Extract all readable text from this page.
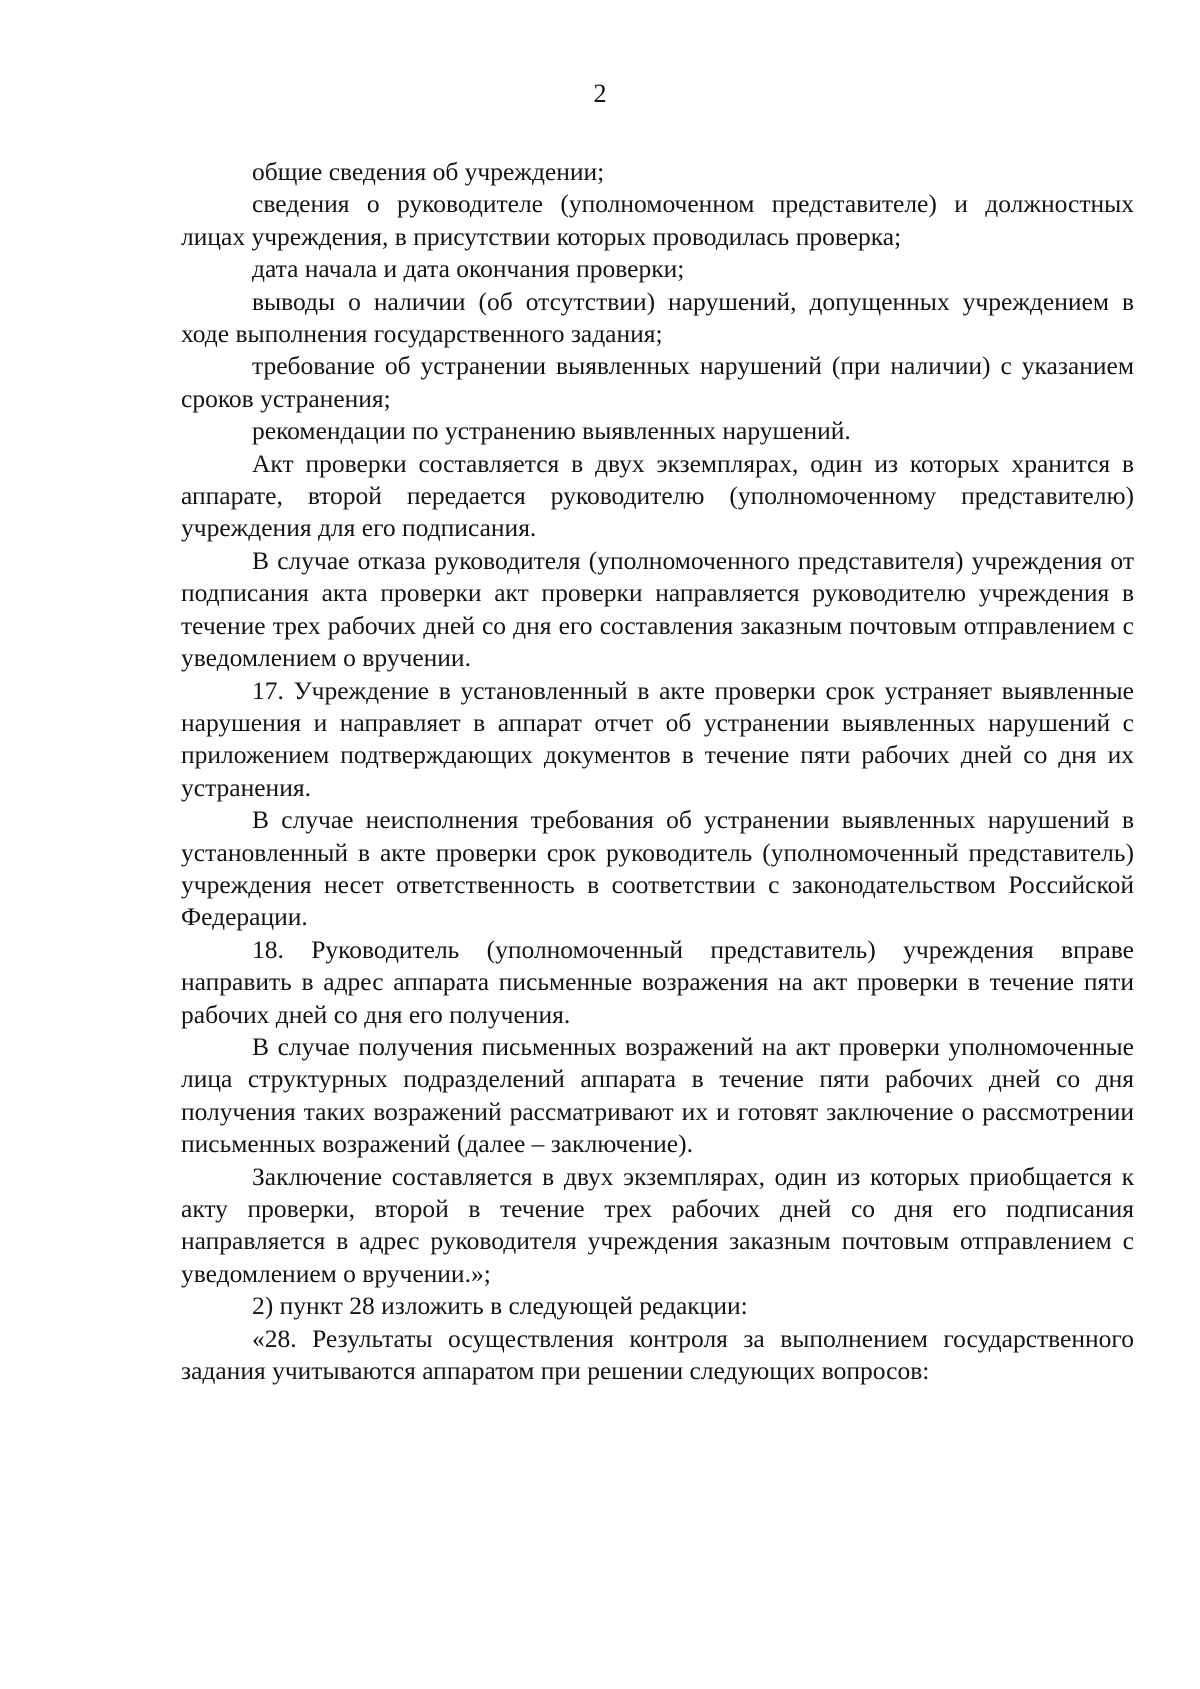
2

общие сведения об учреждении;

сведения о руководителе (уполномоченном представителе) и должностных лицах учреждения, в присутствии которых проводилась проверка;

дата начала и дата окончания проверки;

выводы о наличии (об отсутствии) нарушений, допущенных учреждением в ходе выполнения государственного задания;

требование об устранении выявленных нарушений (при наличии) с указанием сроков устранения;

рекомендации по устранению выявленных нарушений.

Акт проверки составляется в двух экземплярах, один из которых хранится в аппарате, второй передается руководителю (уполномоченному представителю) учреждения для его подписания.

В случае отказа руководителя (уполномоченного представителя) учреждения от подписания акта проверки акт проверки направляется руководителю учреждения в течение трех рабочих дней со дня его составления заказным почтовым отправлением с уведомлением о вручении.

17. Учреждение в установленный в акте проверки срок устраняет выявленные нарушения и направляет в аппарат отчет об устранении выявленных нарушений с приложением подтверждающих документов в течение пяти рабочих дней со дня их устранения.

В случае неисполнения требования об устранении выявленных нарушений в установленный в акте проверки срок руководитель (уполномоченный представитель) учреждения несет ответственность в соответствии с законодательством Российской Федерации.

18. Руководитель (уполномоченный представитель) учреждения вправе направить в адрес аппарата письменные возражения на акт проверки в течение пяти рабочих дней со дня его получения.

В случае получения письменных возражений на акт проверки уполномоченные лица структурных подразделений аппарата в течение пяти рабочих дней со дня получения таких возражений рассматривают их и готовят заключение о рассмотрении письменных возражений (далее – заключение).

Заключение составляется в двух экземплярах, один из которых приобщается к акту проверки, второй в течение трех рабочих дней со дня его подписания направляется в адрес руководителя учреждения заказным почтовым отправлением с уведомлением о вручении.»;

2) пункт 28 изложить в следующей редакции:

«28. Результаты осуществления контроля за выполнением государственного задания учитываются аппаратом при решении следующих вопросов:
